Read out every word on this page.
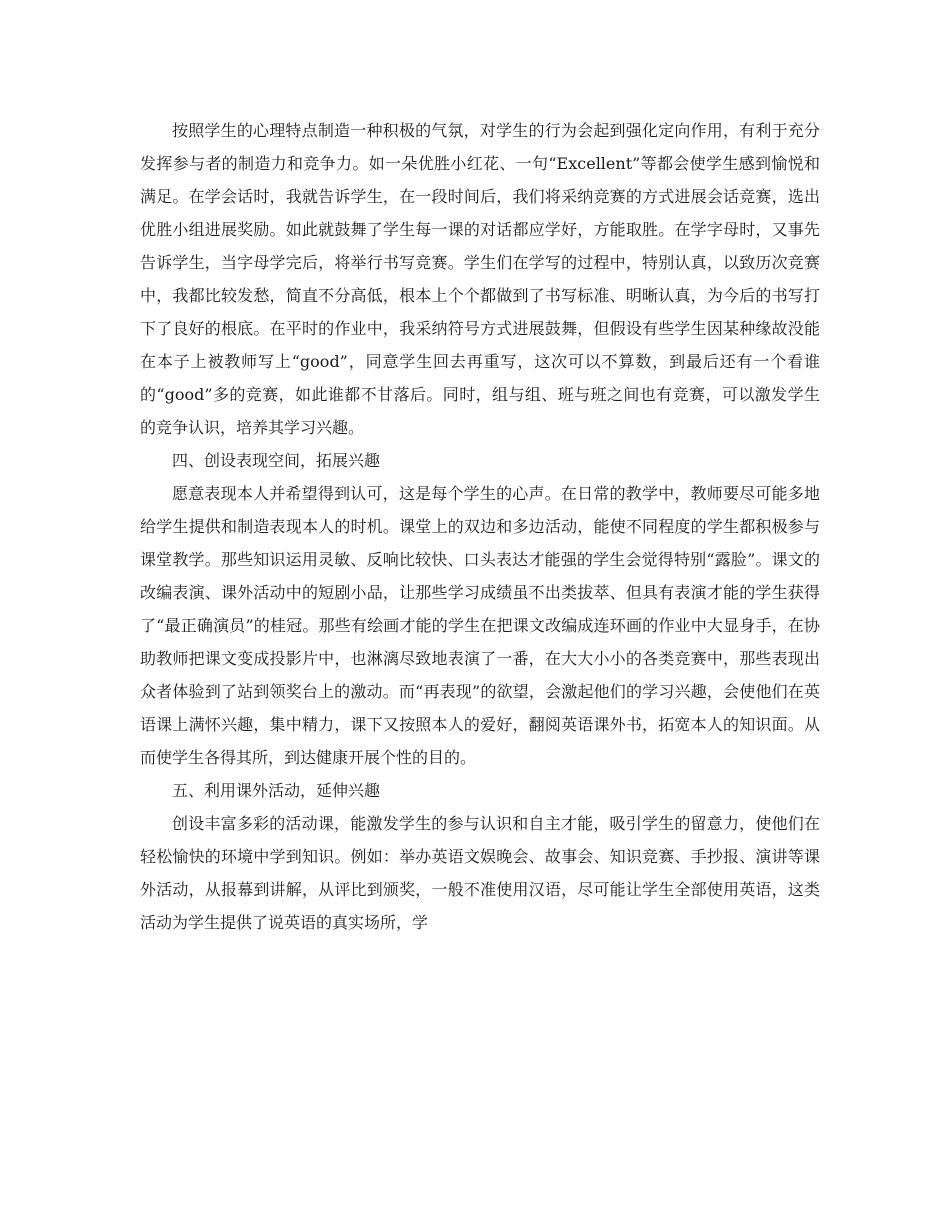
按照学生的心理特点制造一种积极的气氛，对学生的行为会起到强化定向作用，有利于充分发挥参与者的制造力和竞争力。如一朵优胜小红花、一句“Excellent”等都会使学生感到愉悦和满足。在学会话时，我就告诉学生，在一段时间后，我们将采纳竞赛的方式进展会话竞赛，选出优胜小组进展奖励。如此就鼓舞了学生每一课的对话都应学好，方能取胜。在学字母时，又事先告诉学生，当字母学完后，将举行书写竞赛。学生们在学写的过程中，特别认真，以致历次竞赛中，我都比较发愁，简直不分高低，根本上个个都做到了书写标准、明晰认真，为今后的书写打下了良好的根底。在平时的作业中，我采纳符号方式进展鼓舞，但假设有些学生因某种缘故没能在本子上被教师写上“good”，同意学生回去再重写，这次可以不算数，到最后还有一个看谁的“good”多的竞赛，如此谁都不甘落后。同时，组与组、班与班之间也有竞赛，可以激发学生的竞争认识，培养其学习兴趣。

四、创设表现空间，拓展兴趣

愿意表现本人并希望得到认可，这是每个学生的心声。在日常的教学中，教师要尽可能多地给学生提供和制造表现本人的时机。课堂上的双边和多边活动，能使不同程度的学生都积极参与课堂教学。那些知识运用灵敏、反响比较快、口头表达才能强的学生会觉得特别“露脸”。课文的改编表演、课外活动中的短剧小品，让那些学习成绩虽不出类拔萃、但具有表演才能的学生获得了“最正确演员”的桂冠。那些有绘画才能的学生在把课文改编成连环画的作业中大显身手，在协助教师把课文变成投影片中，也淋漓尽致地表演了一番，在大大小小的各类竞赛中，那些表现出众者体验到了站到领奖台上的激动。而“再表现”的欲望，会激起他们的学习兴趣，会使他们在英语课上满怀兴趣，集中精力，课下又按照本人的爱好，翻阅英语课外书，拓宽本人的知识面。从而使学生各得其所，到达健康开展个性的目的。

五、利用课外活动，延伸兴趣

创设丰富多彩的活动课，能激发学生的参与认识和自主才能，吸引学生的留意力，使他们在轻松愉快的环境中学到知识。例如：举办英语文娱晚会、故事会、知识竞赛、手抄报、演讲等课外活动，从报幕到讲解，从评比到颁奖，一般不准使用汉语，尽可能让学生全部使用英语，这类活动为学生提供了说英语的真实场所，学
